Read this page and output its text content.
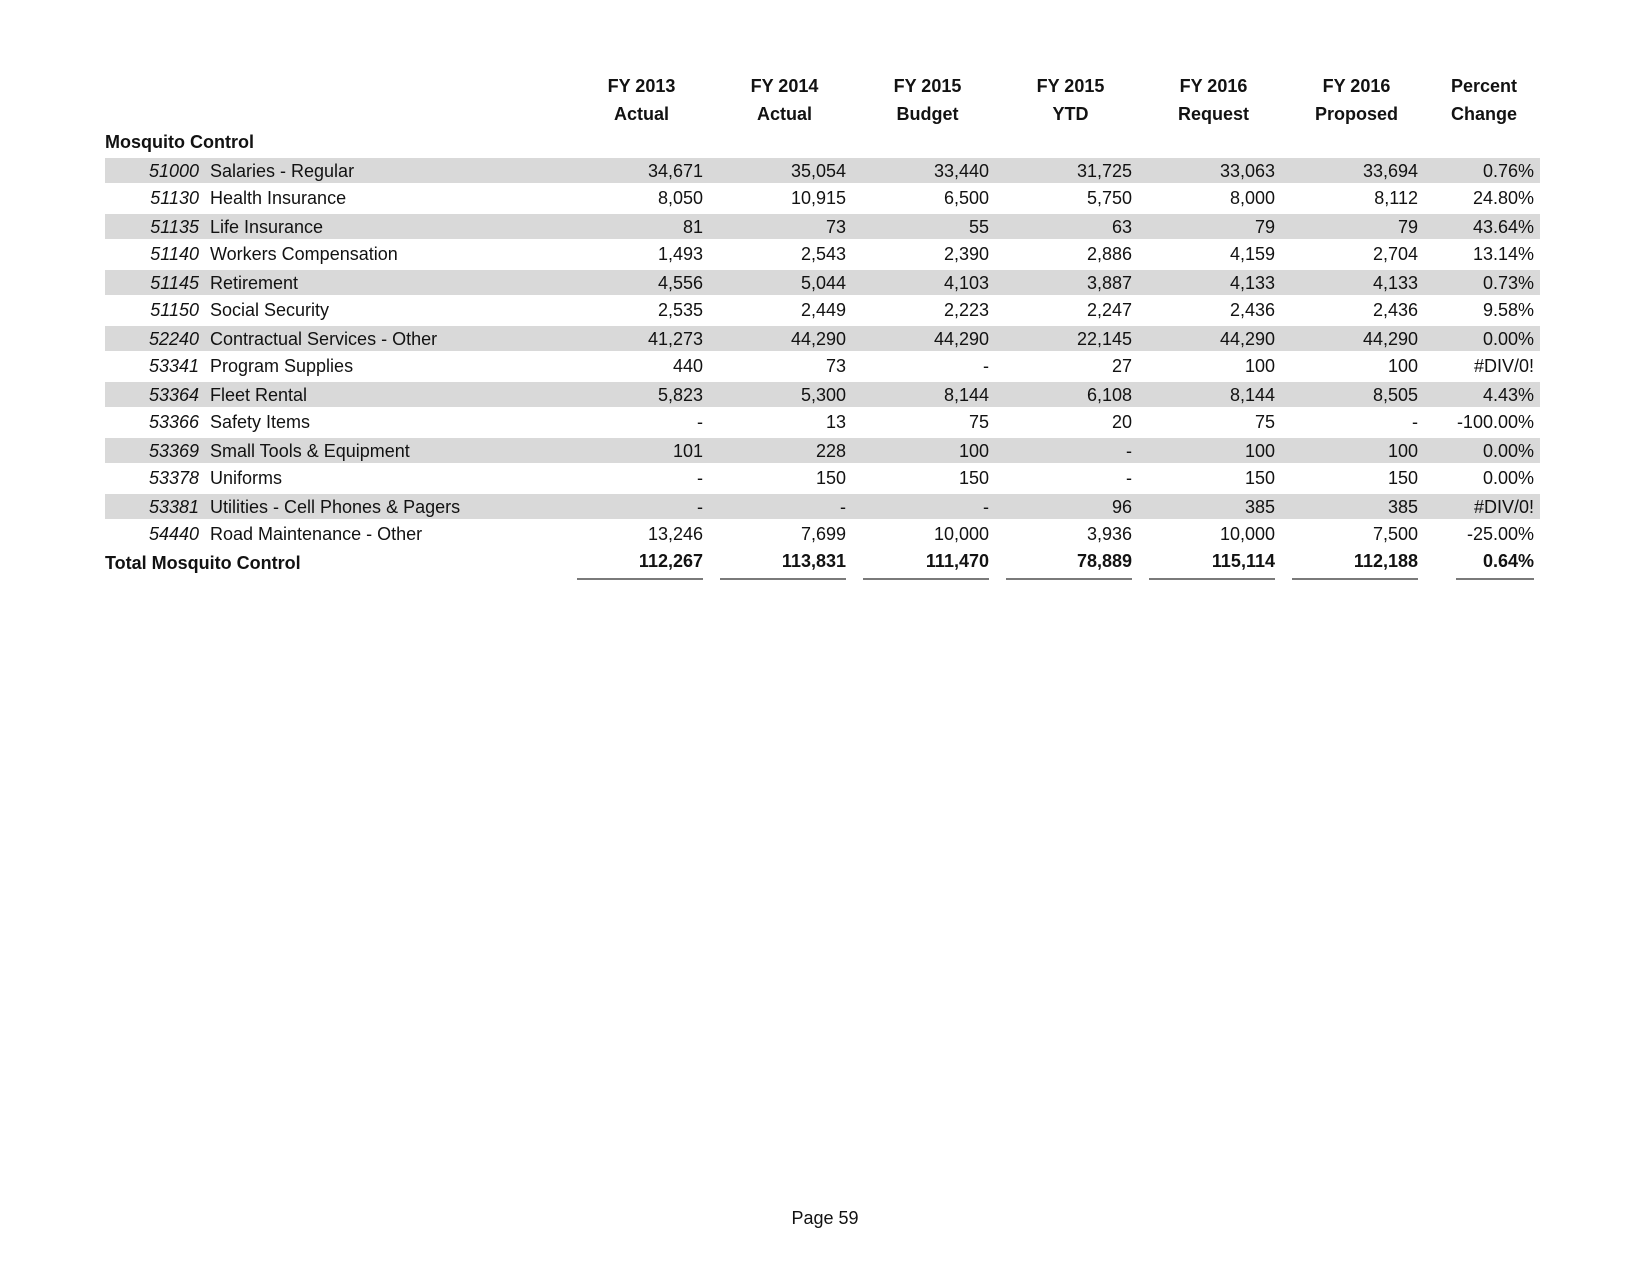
FY 2013	FY 2014	FY 2015	FY 2015	FY 2016	FY 2016	Percent
Actual	Actual	Budget	YTD	Request	Proposed	Change
Mosquito Control
51000 Salaries - Regular	34,671	35,054	33,440	31,725	33,063	33,694	0.76%
51130 Health Insurance	8,050	10,915	6,500	5,750	8,000	8,112	24.80%
51135 Life Insurance	81	73	55	63	79	79	43.64%
51140 Workers Compensation	1,493	2,543	2,390	2,886	4,159	2,704	13.14%
51145 Retirement	4,556	5,044	4,103	3,887	4,133	4,133	0.73%
51150 Social Security	2,535	2,449	2,223	2,247	2,436	2,436	9.58%
52240 Contractual Services - Other	41,273	44,290	44,290	22,145	44,290	44,290	0.00%
53341 Program Supplies	440	73	-	27	100	100	#DIV/0!
53364 Fleet Rental	5,823	5,300	8,144	6,108	8,144	8,505	4.43%
53366 Safety Items	-	13	75	20	75	-	-100.00%
53369 Small Tools & Equipment	101	228	100	-	100	100	0.00%
53378 Uniforms	-	150	150	-	150	150	0.00%
53381 Utilities - Cell Phones & Pagers	-	-	-	96	385	385	#DIV/0!
54440 Road Maintenance - Other	13,246	7,699	10,000	3,936	10,000	7,500	-25.00%
Total Mosquito Control	112,267	113,831	111,470	78,889	115,114	112,188	0.64%
Page 59
